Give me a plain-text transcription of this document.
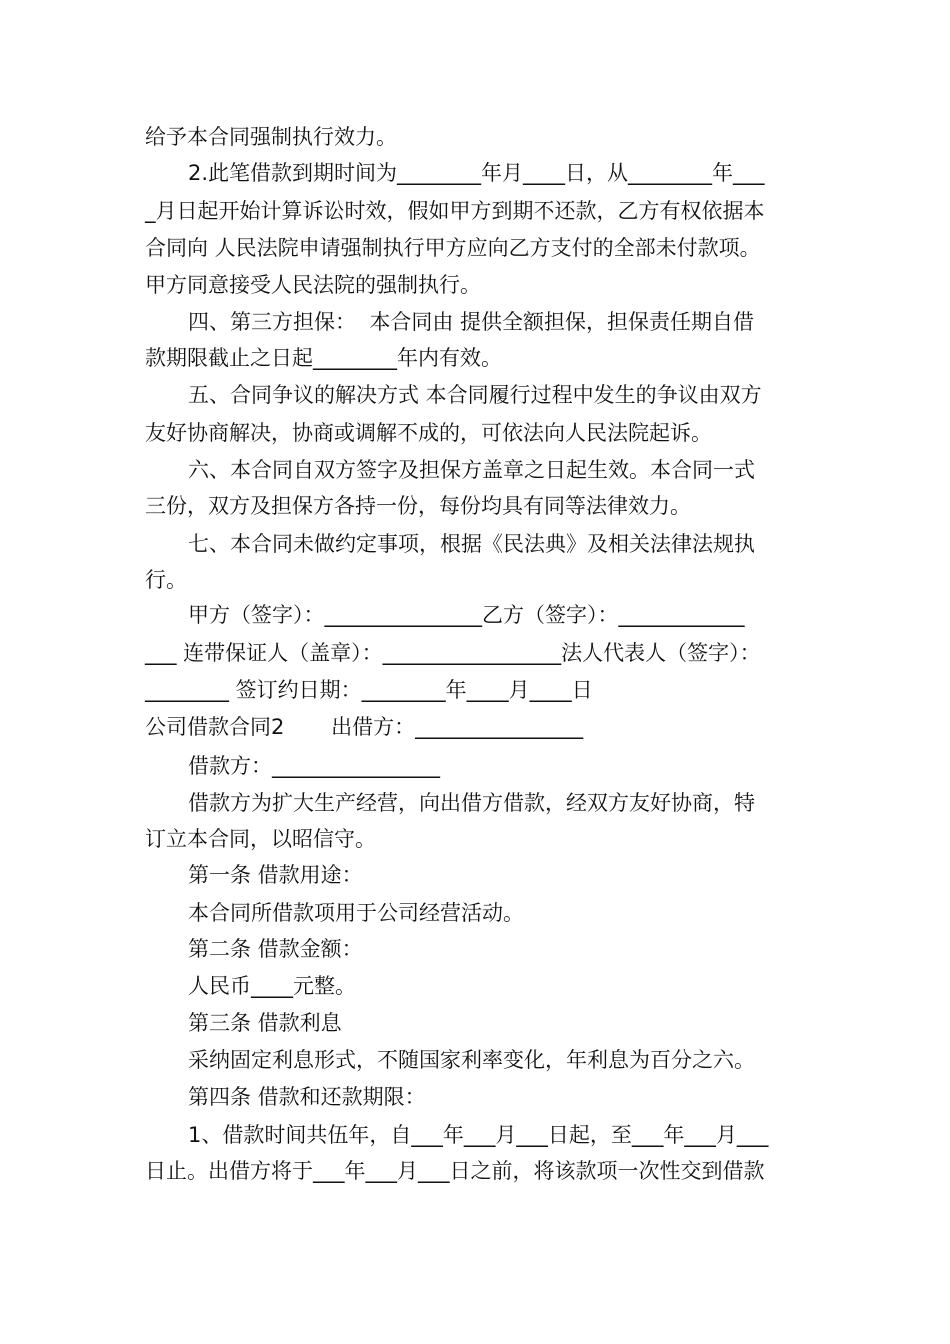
给予本合同强制执行效力。
2.此笔借款到期时间为________年月____日，从________年___
_月日起开始计算诉讼时效，假如甲方到期不还款，乙方有权依据本
合同向 人民法院申请强制执行甲方应向乙方支付的全部未付款项。
甲方同意接受人民法院的强制执行。
四、第三方担保：  本合同由 提供全额担保，担保责任期自借
款期限截止之日起________年内有效。
五、合同争议的解决方式 本合同履行过程中发生的争议由双方
友好协商解决，协商或调解不成的，可依法向人民法院起诉。
六、本合同自双方签字及担保方盖章之日起生效。本合同一式
三份，双方及担保方各持一份，每份均具有同等法律效力。
七、本合同未做约定事项，根据《民法典》及相关法律法规执
行。
甲方（签字）：_______________乙方（签字）：____________
___ 连带保证人（盖章）：_________________法人代表人（签字）：
________ 签订约日期：________年____月____日
公司借款合同2       出借方：________________
借款方：________________
借款方为扩大生产经营，向出借方借款，经双方友好协商，特
订立本合同，以昭信守。
第一条 借款用途：
本合同所借款项用于公司经营活动。
第二条 借款金额：
人民币____元整。
第三条 借款利息
采纳固定利息形式，不随国家利率变化，年利息为百分之六。
第四条 借款和还款期限：
1、借款时间共伍年，自___年___月___日起，至___年___月___
日止。出借方将于___年___月___日之前，将该款项一次性交到借款
